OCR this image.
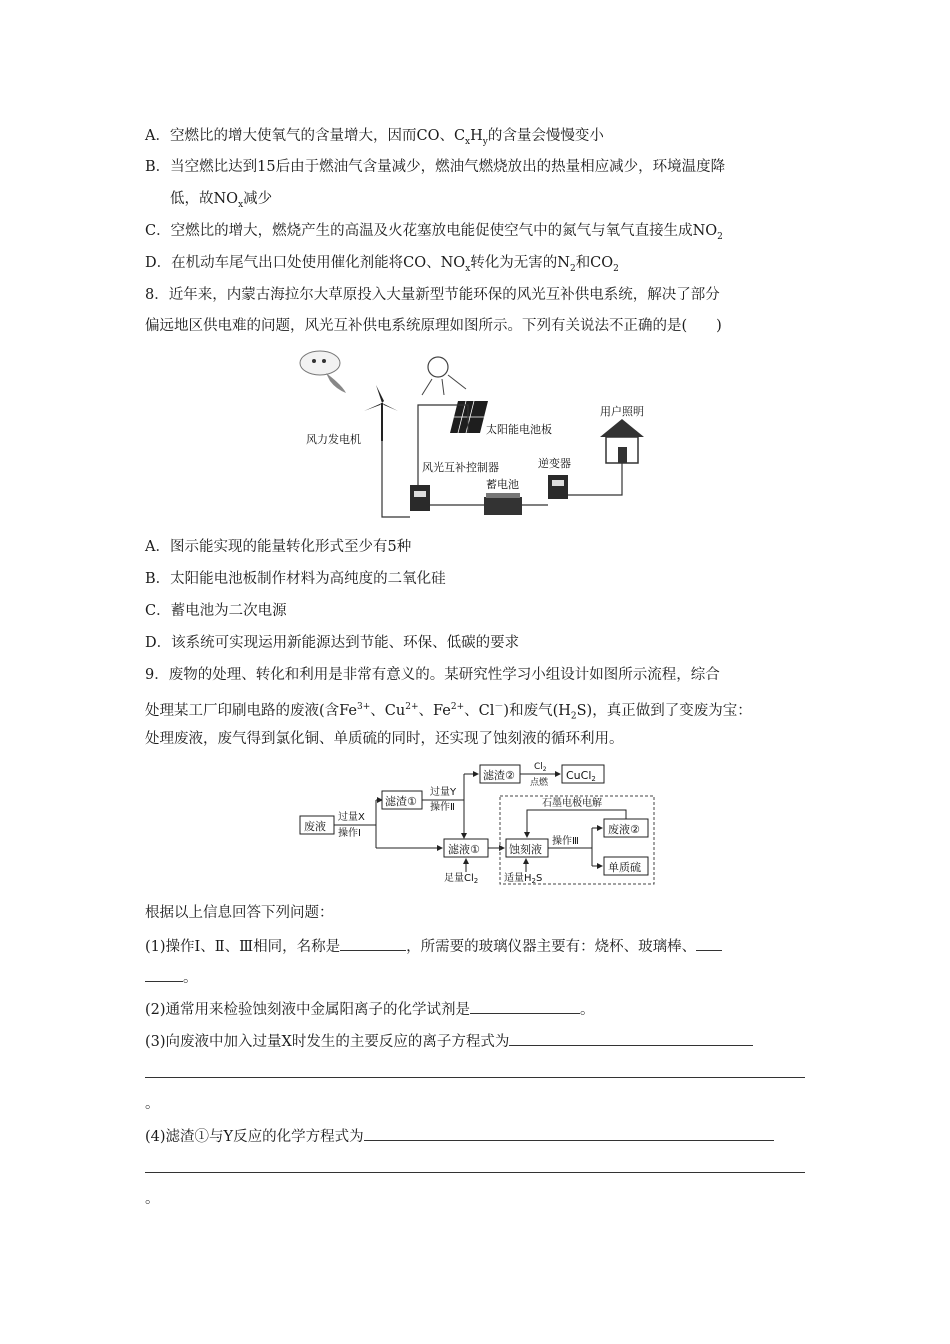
A．空燃比的增大使氧气的含量增大，因而CO、$C_xH_y$的含量会慢慢变小
B．当空燃比达到15后由于燃油气含量减少，燃油气燃烧放出的热量相应减少，环境温度降
低，故$NO_x$减少
C．空燃比的增大，燃烧产生的高温及火花塞放电能促使空气中的氮气与氧气直接生成$NO_2$
D．在机动车尾气出口处使用催化剂能将CO、$NO_x$转化为无害的$N_2$和$CO_2$
8．近年来，内蒙古海拉尔大草原投入大量新型节能环保的风光互补供电系统，解决了部分
偏远地区供电难的问题，风光互补供电系统原理如图所示。下列有关说法不正确的是(　　)
风力发电机
太阳能电池板
用户照明
风光互补控制器
蓄电池
逆变器
A．图示能实现的能量转化形式至少有5种
B．太阳能电池板制作材料为高纯度的二氧化硅
C．蓄电池为二次电源
D．该系统可实现运用新能源达到节能、环保、低碳的要求
9．废物的处理、转化和利用是非常有意义的。某研究性学习小组设计如图所示流程，综合
处理某工厂印刷电路的废液(含$Fe^{3+}$、$Cu^{2+}$、$Fe^{2+}$、Cl－)和废气$(H_2S)$，真正做到了变废为宝：
处理废液，废气得到氯化铜、单质硫的同时，还实现了蚀刻液的循环利用。
废液
过量X
操作Ⅰ
滤渣①
过量Y
操作Ⅱ
滤渣②
$Cl_2$
点燃
CuCl2
滤液①
足量$Cl_2$
蚀刻液
适量$H_2S$
操作Ⅲ
废液②
单质硫
石墨电极电解
根据以上信息回答下列问题：
(1)操作Ⅰ、Ⅱ、Ⅲ相同，名称是	，所需要的玻璃仪器主要有：烧杯、玻璃棒、
。
(2)通常用来检验蚀刻液中金属阳离子的化学试剂是	。
(3)向废液中加入过量X时发生的主要反应的离子方程式为
。
(4)滤渣①与Y反应的化学方程式为
。
